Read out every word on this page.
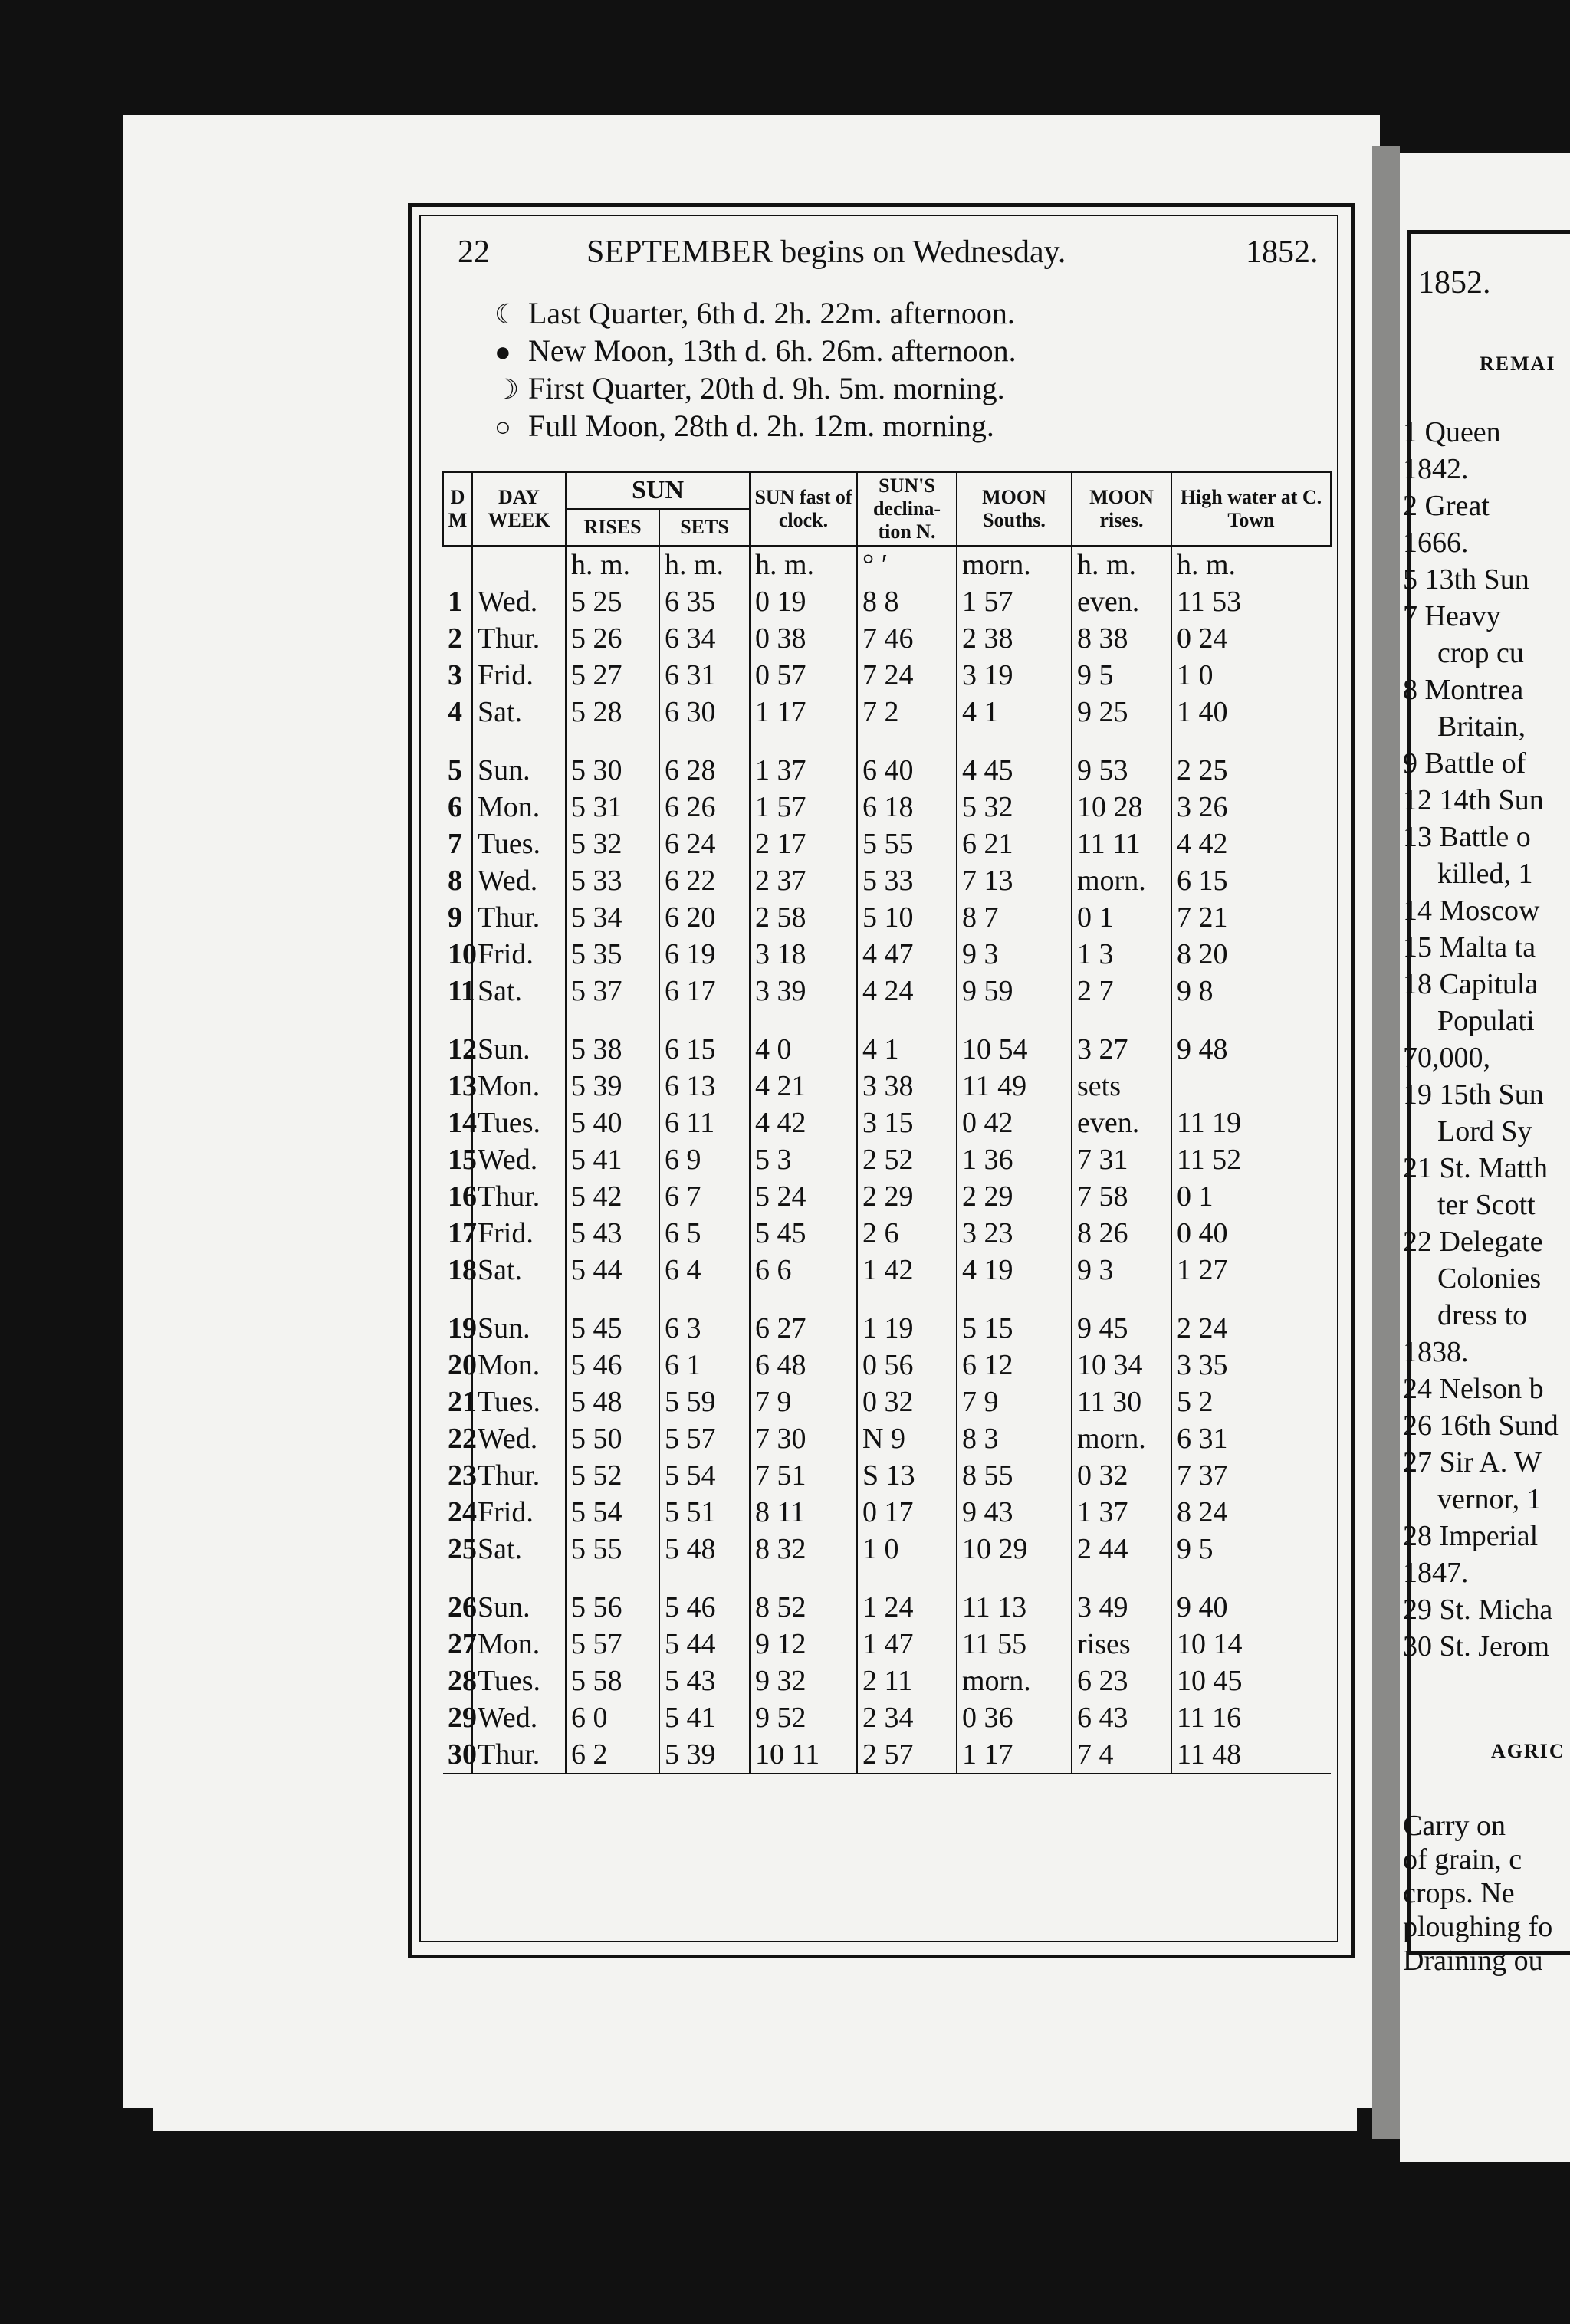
22	SEPTEMBER begins on Wednesday.	1852.
☾ Last Quarter, 6th d. 2h. 22m. afternoon.
● New Moon, 13th d. 6h. 26m. afternoon.
☽ First Quarter, 20th d. 9h. 5m. morning.
○ Full Moon, 28th d. 2h. 12m. morning.
D M	DAY WEEK	SUN		SUN fast of clock.	SUN'S declina-tion N.	MOON Souths.	MOON rises.	High water at C. Town
		RISES	SETS					
		h. m.	h. m.	h. m.	° ′	morn.	h. m.	h. m.
1	Wed.	5 25	6 35	0 19	8 8	1 57	even.	11 53
2	Thur.	5 26	6 34	0 38	7 46	2 38	8 38	0 24
3	Frid.	5 27	6 31	0 57	7 24	3 19	9 5	1 0
4	Sat.	5 28	6 30	1 17	7 2	4 1	9 25	1 40

5	Sun.	5 30	6 28	1 37	6 40	4 45	9 53	2 25
6	Mon.	5 31	6 26	1 57	6 18	5 32	10 28	3 26
7	Tues.	5 32	6 24	2 17	5 55	6 21	11 11	4 42
8	Wed.	5 33	6 22	2 37	5 33	7 13	morn.	6 15
9	Thur.	5 34	6 20	2 58	5 10	8 7	0 1	7 21
10	Frid.	5 35	6 19	3 18	4 47	9 3	1 3	8 20
11	Sat.	5 37	6 17	3 39	4 24	9 59	2 7	9 8

12	Sun.	5 38	6 15	4 0	4 1	10 54	3 27	9 48
13	Mon.	5 39	6 13	4 21	3 38	11 49	sets	
14	Tues.	5 40	6 11	4 42	3 15	0 42	even.	11 19
15	Wed.	5 41	6 9	5 3	2 52	1 36	7 31	11 52
16	Thur.	5 42	6 7	5 24	2 29	2 29	7 58	0 1
17	Frid.	5 43	6 5	5 45	2 6	3 23	8 26	0 40
18	Sat.	5 44	6 4	6 6	1 42	4 19	9 3	1 27

19	Sun.	5 45	6 3	6 27	1 19	5 15	9 45	2 24
20	Mon.	5 46	6 1	6 48	0 56	6 12	10 34	3 35
21	Tues.	5 48	5 59	7 9	0 32	7 9	11 30	5 2
22	Wed.	5 50	5 57	7 30	N 9	8 3	morn.	6 31
23	Thur.	5 52	5 54	7 51	S 13	8 55	0 32	7 37
24	Frid.	5 54	5 51	8 11	0 17	9 43	1 37	8 24
25	Sat.	5 55	5 48	8 32	1 0	10 29	2 44	9 5

26	Sun.	5 56	5 46	8 52	1 24	11 13	3 49	9 40
27	Mon.	5 57	5 44	9 12	1 47	11 55	rises	10 14
28	Tues.	5 58	5 43	9 32	2 11	morn.	6 23	10 45
29	Wed.	6 0	5 41	9 52	2 34	0 36	6 43	11 16
30	Thur.	6 2	5 39	10 11	2 57	1 17	7 4	11 48
1852.
REMAI
1 Queen
1842.
2 Great
1666.
5 13th Sun
7 Heavy
crop cu
8 Montrea
Britain,
9 Battle of
12 14th Sun
13 Battle o
killed, 1
14 Moscow
15 Malta ta
18 Capitula
Populati
70,000,
19 15th Sun
Lord Sy
21 St. Matth
ter Scott
22 Delegate
Colonies
dress to
1838.
24 Nelson b
26 16th Sund
27 Sir A. W
vernor, 1
28 Imperial
1847.
29 St. Micha
30 St. Jerom
AGRIC
Carry on
of grain, c
crops. Ne
ploughing fo
Draining ou
